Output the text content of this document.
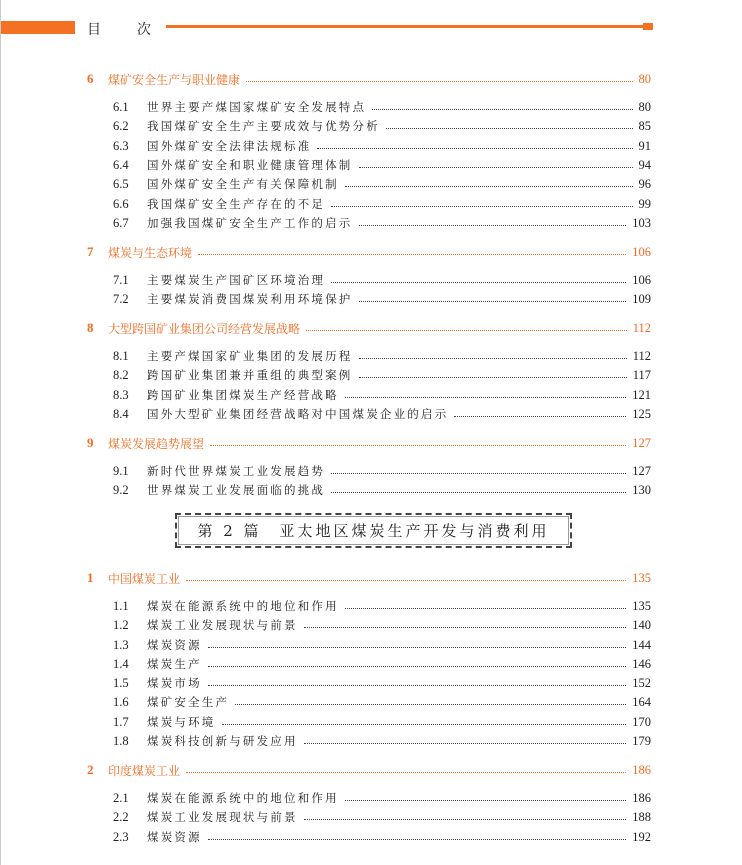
目	次
6 煤矿安全生产与职业健康	80
6.1 世界主要产煤国家煤矿安全发展特点	80
6.2 我国煤矿安全生产主要成效与优势分析	85
6.3 国外煤矿安全法律法规标准	91
6.4 国外煤矿安全和职业健康管理体制	94
6.5 国外煤矿安全生产有关保障机制	96
6.6 我国煤矿安全生产存在的不足	99
6.7 加强我国煤矿安全生产工作的启示	103
7 煤炭与生态环境	106
7.1 主要煤炭生产国矿区环境治理	106
7.2 主要煤炭消费国煤炭利用环境保护	109
8 大型跨国矿业集团公司经营发展战略	112
8.1 主要产煤国家矿业集团的发展历程	112
8.2 跨国矿业集团兼并重组的典型案例	117
8.3 跨国矿业集团煤炭生产经营战略	121
8.4 国外大型矿业集团经营战略对中国煤炭企业的启示	125
9 煤炭发展趋势展望	127
9.1 新时代世界煤炭工业发展趋势	127
9.2 世界煤炭工业发展面临的挑战	130
第 2 篇　亚太地区煤炭生产开发与消费利用
1 中国煤炭工业	135
1.1 煤炭在能源系统中的地位和作用	135
1.2 煤炭工业发展现状与前景	140
1.3 煤炭资源	144
1.4 煤炭生产	146
1.5 煤炭市场	152
1.6 煤矿安全生产	164
1.7 煤炭与环境	170
1.8 煤炭科技创新与研发应用	179
2 印度煤炭工业	186
2.1 煤炭在能源系统中的地位和作用	186
2.2 煤炭工业发展现状与前景	188
2.3 煤炭资源	192
